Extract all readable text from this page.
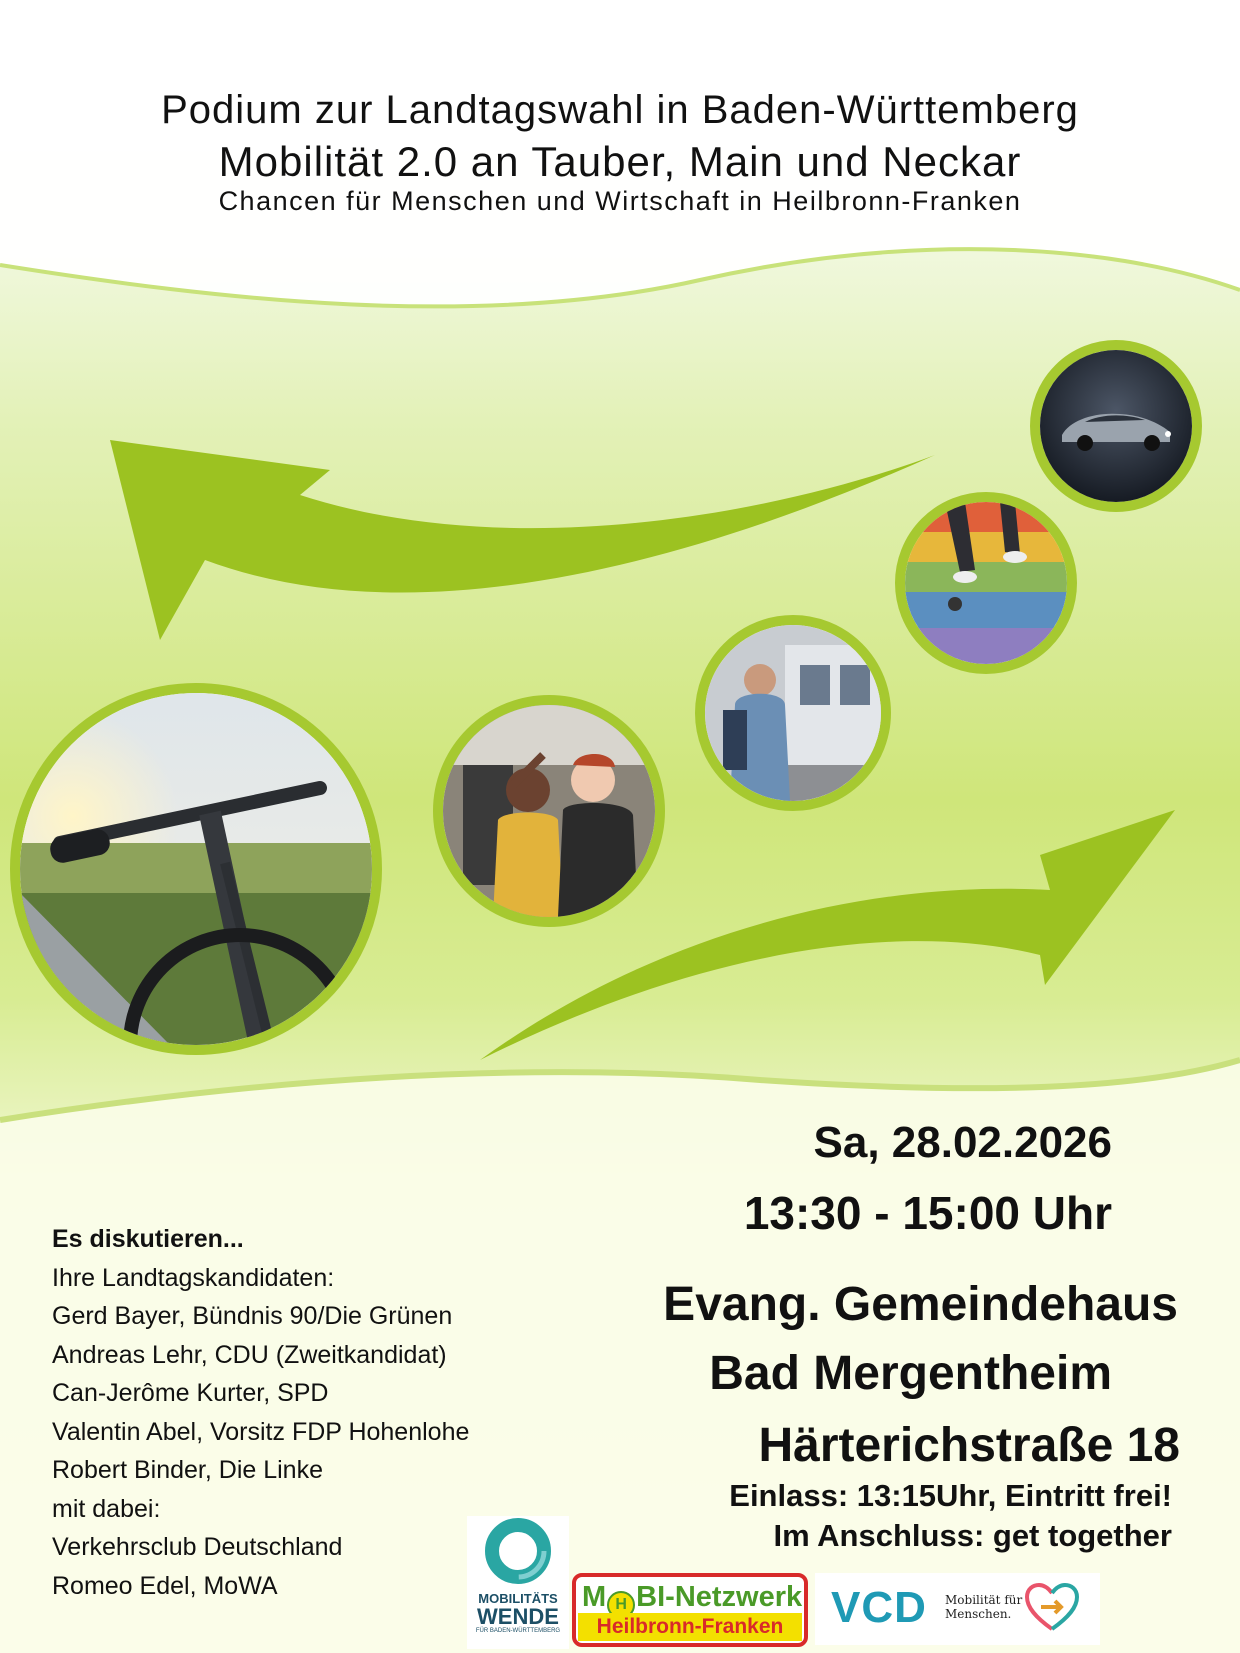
Podium zur Landtagswahl in Baden-Württemberg
Mobilität 2.0 an Tauber, Main und Neckar
Chancen für Menschen und Wirtschaft in Heilbronn-Franken
Sa, 28.02.2026
13:30 - 15:00 Uhr
Evang. Gemeindehaus
Bad Mergentheim
Härterichstraße 18
Einlass: 13:15Uhr, Eintritt frei!
Im Anschluss: get together
Es diskutieren...
Ihre Landtagskandidaten:
Gerd Bayer, Bündnis 90/Die Grünen
Andreas Lehr, CDU (Zweitkandidat)
Can-Jerôme Kurter, SPD
Valentin Abel, Vorsitz FDP Hohenlohe
Robert Binder, Die Linke
mit dabei:
Verkehrsclub Deutschland
Romeo Edel, MoWA	MOBILITÄTS
WENDE
FÜR BADEN-WÜRTTEMBERG
M H BI-Netzwerk
Heilbronn-Franken	VCD Mobilität für
Menschen.
